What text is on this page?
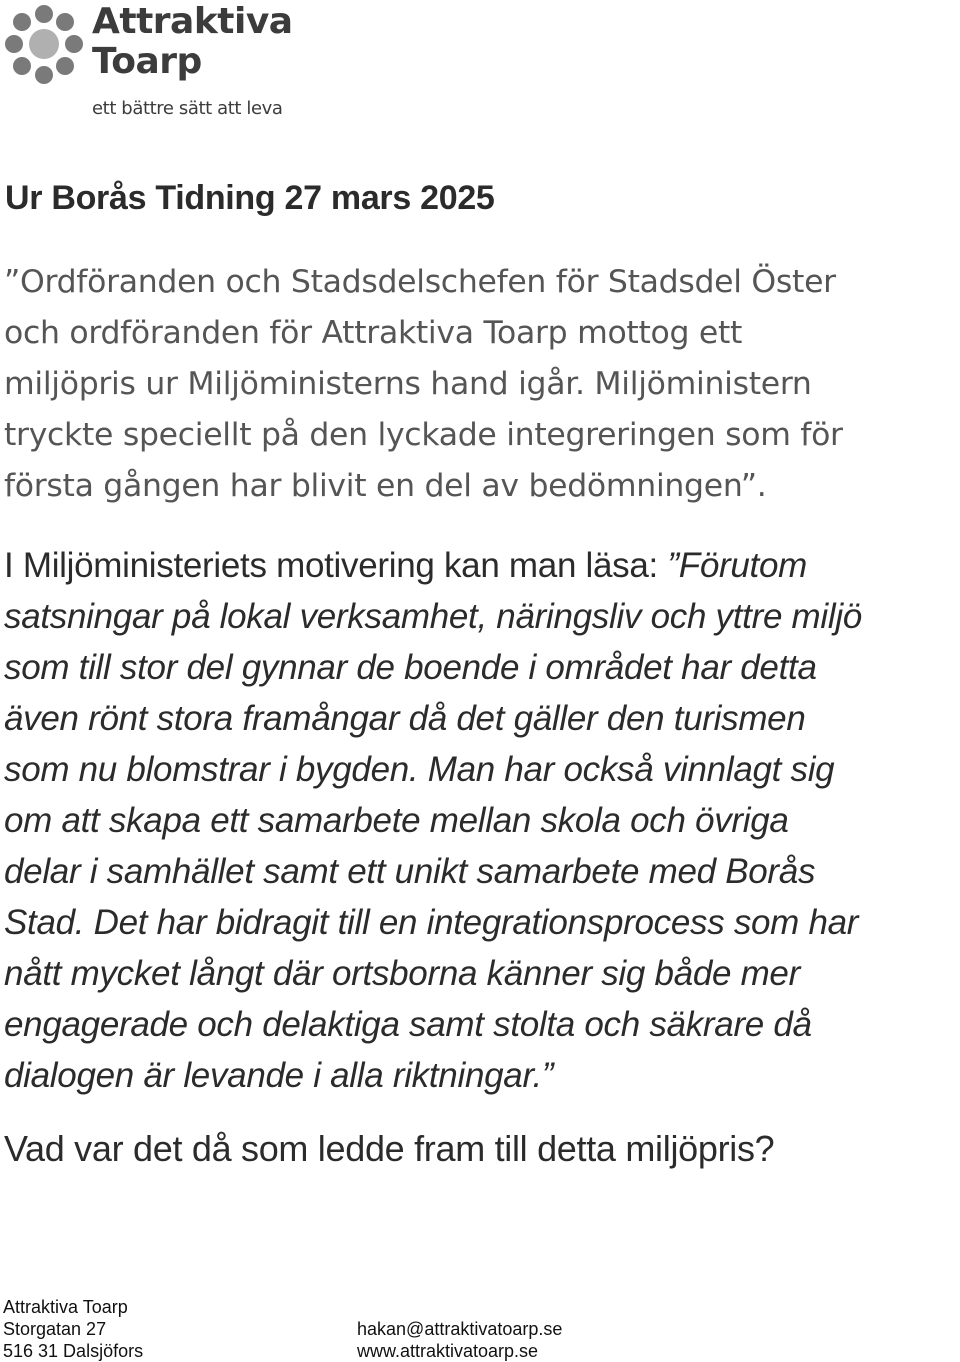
Attraktiva
Toarp
ett bättre sätt att leva
Ur Borås Tidning 27 mars 2025
”Ordföranden och Stadsdelschefen för Stadsdel Öster
och ordföranden för Attraktiva Toarp mottog ett
miljöpris ur Miljöministerns hand igår. Miljöministern
tryckte speciellt på den lyckade integreringen som för
första gången har blivit en del av bedömningen”.
I Miljöministeriets motivering kan man läsa: ”Förutom
satsningar på lokal verksamhet, näringsliv och yttre miljö
som till stor del gynnar de boende i området har detta
även rönt stora framångar då det gäller den turismen
som nu blomstrar i bygden. Man har också vinnlagt sig
om att skapa ett samarbete mellan skola och övriga
delar i samhället samt ett unikt samarbete med Borås
Stad. Det har bidragit till en integrationsprocess som har
nått mycket långt där ortsborna känner sig både mer
engagerade och delaktiga samt stolta och säkrare då
dialogen är levande i alla riktningar.”
Vad var det då som ledde fram till detta miljöpris?
Attraktiva Toarp
Storgatan 27
516 31 Dalsjöfors
hakan@attraktivatoarp.se
www.attraktivatoarp.se
